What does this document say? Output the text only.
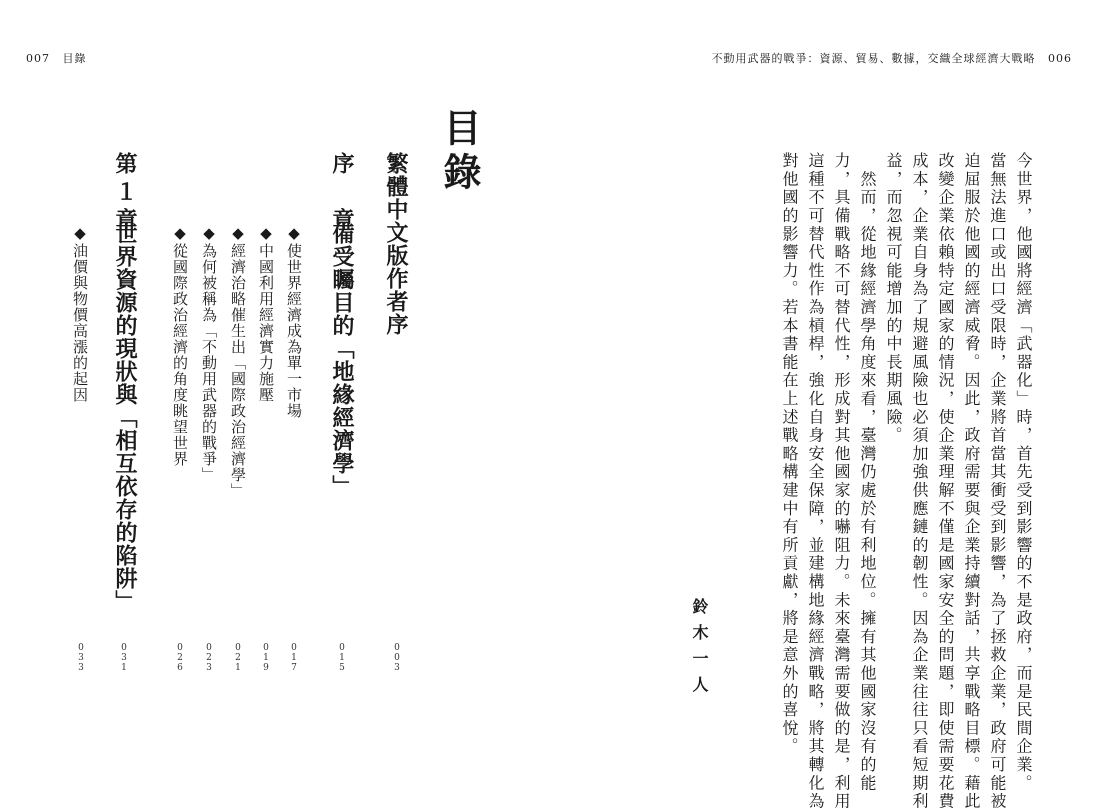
007 目錄	不動用武器的戰爭：資源、貿易、數據，交織全球經濟大戰略 006
目錄
繁體中文版作者序
003
序　章
備受矚目的「地緣經濟學」
015
◆使世界經濟成為單一市場
017
◆中國利用經濟實力施壓
019
◆經濟治略催生出「國際政治經濟學」
021
◆為何被稱為「不動用武器的戰爭」
023
◆從國際政治經濟的角度眺望世界
026
第１章
世界資源的現狀與「相互依存的陷阱」
031
◆油價與物價高漲的起因
033	今世界，他國將經濟「武器化」時，首先受到影響的不是政府，而是民間企業。
當無法進口或出口受限時，企業將首當其衝受到影響，為了拯救企業，政府可能被
迫屈服於他國的經濟威脅。因此，政府需要與企業持續對話，共享戰略目標。藉此
改變企業依賴特定國家的情況，使企業理解不僅是國家安全的問題，即使需要花費
成本，企業自身為了規避風險也必須加強供應鏈的韌性。因為企業往往只看短期利
益，而忽視可能增加的中長期風險。
　然而，從地緣經濟學角度來看，臺灣仍處於有利地位。擁有其他國家沒有的能
力，具備戰略不可替代性，形成對其他國家的嚇阻力。未來臺灣需要做的是，利用
這種不可替代性作為槓桿，強化自身安全保障，並建構地緣經濟戰略，將其轉化為
對他國的影響力。若本書能在上述戰略構建中有所貢獻，將是意外的喜悅。
鈴木一人
